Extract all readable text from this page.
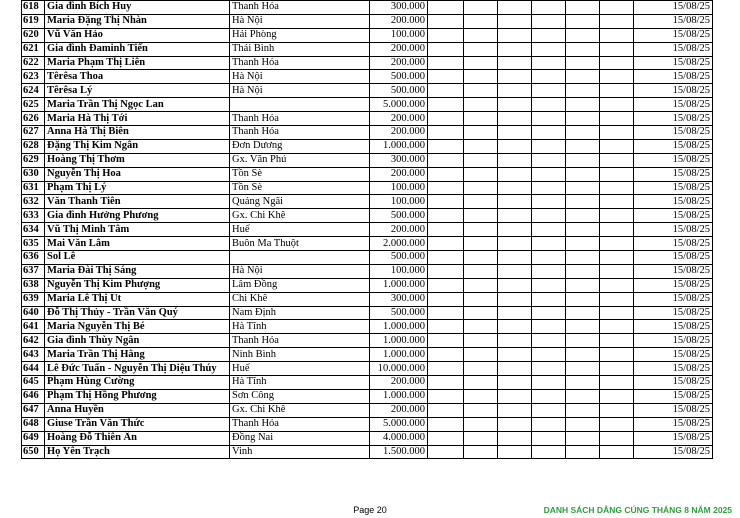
618	Gia đình Bích Huy	Thanh Hóa	300.000							15/08/25
619	Maria Đặng Thị Nhàn	Hà Nội	200.000							15/08/25
620	Vũ Văn Hảo	Hải Phòng	100.000							15/08/25
621	Gia đình Đaminh Tiến	Thái Bình	200.000							15/08/25
622	Maria Phạm Thị Liên	Thanh Hóa	200.000							15/08/25
623	Têrêsa Thoa	Hà Nội	500.000							15/08/25
624	Têrêsa Lý	Hà Nội	500.000							15/08/25
625	Maria Trần Thị Ngọc Lan		5.000.000							15/08/25
626	Maria Hà Thị Tới	Thanh Hóa	200.000							15/08/25
627	Anna Hà Thị Biên	Thanh Hóa	200.000							15/08/25
628	Đặng Thị Kim Ngân	Đơn Dương	1.000.000							15/08/25
629	Hoàng Thị Thơm	Gx. Văn Phú	300.000							15/08/25
630	Nguyễn Thị Hoa	Tồn Sè	200.000							15/08/25
631	Phạm Thị Lý	Tồn Sè	100.000							15/08/25
632	Văn Thanh Tiên	Quảng Ngãi	100.000							15/08/25
633	Gia đình Hưởng Phương	Gx. Chi Khê	500.000							15/08/25
634	Vũ Thị Minh Tâm	Huế	200.000							15/08/25
635	Mai Văn Lâm	Buôn Ma Thuột	2.000.000							15/08/25
636	Sol Lê		500.000							15/08/25
637	Maria Đài Thị Sáng	Hà Nội	100.000							15/08/25
638	Nguyễn Thị Kim Phượng	Lâm Đồng	1.000.000							15/08/25
639	Maria Lê Thị Út	Chi Khê	300.000							15/08/25
640	Đỗ Thị Thủy - Trần Văn Quý	Nam Định	500.000							15/08/25
641	Maria Nguyễn Thị Bé	Hà Tĩnh	1.000.000							15/08/25
642	Gia đình Thùy Ngân	Thanh Hóa	1.000.000							15/08/25
643	Maria Trần Thị Hằng	Ninh Bình	1.000.000							15/08/25
644	Lê Đức Tuấn - Nguyễn Thị Diệu Thúy	Huế	10.000.000							15/08/25
645	Phạm Hùng Cường	Hà Tĩnh	200.000							15/08/25
646	Phạm Thị Hồng Phương	Sơn Công	1.000.000							15/08/25
647	Anna Huyền	Gx. Chi Khê	200.000							15/08/25
648	Giuse Trần Văn Thức	Thanh Hóa	5.000.000							15/08/25
649	Hoàng Đỗ Thiên Ân	Đồng Nai	4.000.000							15/08/25
650	Họ Yên Trạch	Vinh	1.500.000							15/08/25
Page 20	DANH SÁCH DÂNG CÚNG THÁNG 8 NĂM 2025
